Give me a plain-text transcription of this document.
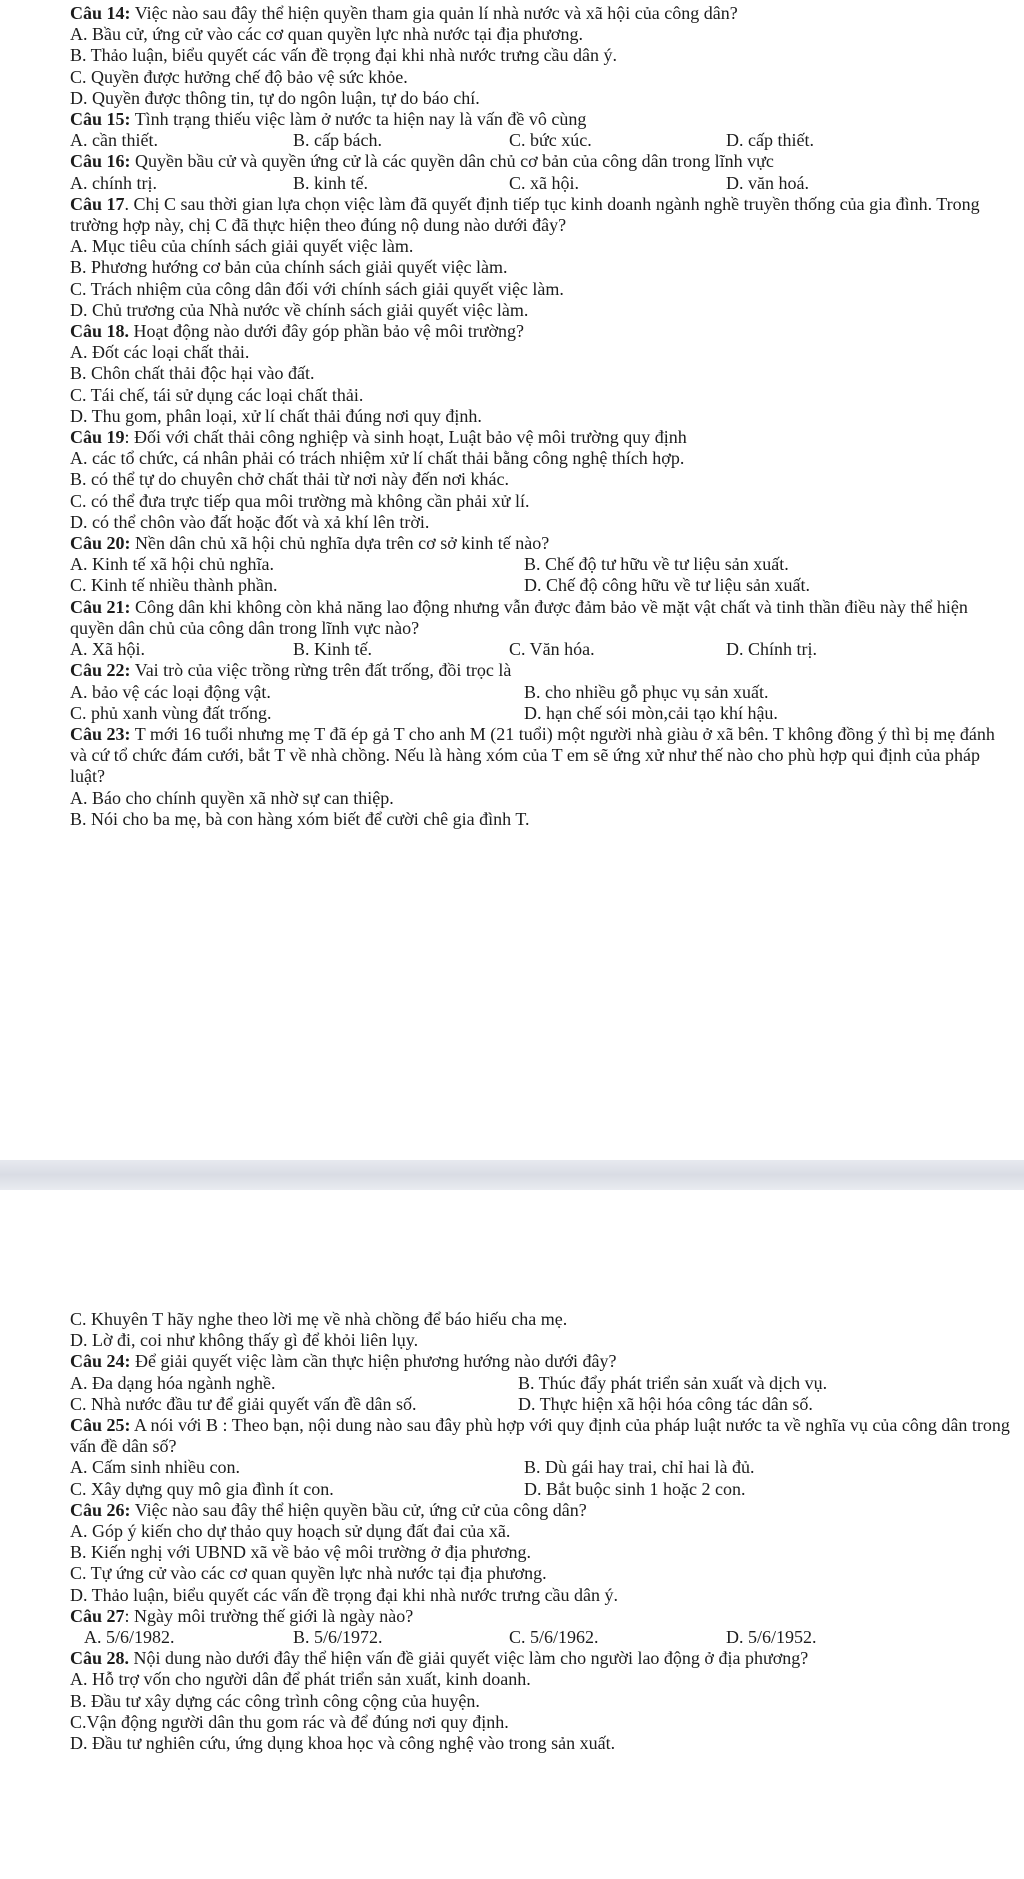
Câu 14: Việc nào sau đây thể hiện quyền tham gia quản lí nhà nước và xã hội của công dân?

A. Bầu cử, ứng cử vào các cơ quan quyền lực nhà nước tại địa phương.

B. Thảo luận, biểu quyết các vấn đề trọng đại khi nhà nước trưng cầu dân ý.

C. Quyền được hưởng chế độ bảo vệ sức khỏe.

D. Quyền được thông tin, tự do ngôn luận, tự do báo chí.

Câu 15: Tình trạng thiếu việc làm ở nước ta hiện nay là vấn đề vô cùng

A. cần thiết.	B. cấp bách.	C. bức xúc.	D. cấp thiết.

Câu 16: Quyền bầu cử và quyền ứng cử là các quyền dân chủ cơ bản của công dân trong lĩnh vực

A. chính trị.	B. kinh tế.	C. xã hội.	D. văn hoá.

Câu 17. Chị C sau thời gian lựa chọn việc làm đã quyết định tiếp tục kinh doanh ngành nghề truyền thống của gia đình. Trong trường hợp này, chị C đã thực hiện theo đúng nộ dung nào dưới đây?

A. Mục tiêu của chính sách giải quyết việc làm.

B. Phương hướng cơ bản của chính sách giải quyết việc làm.

C. Trách nhiệm của công dân đối với chính sách giải quyết việc làm.

D. Chủ trương của Nhà nước về chính sách giải quyết việc làm.

Câu 18. Hoạt động nào dưới đây góp phần bảo vệ môi trường?

A. Đốt các loại chất thải.

B. Chôn chất thải độc hại vào đất.

C. Tái chế, tái sử dụng các loại chất thải.

D. Thu gom, phân loại, xử lí chất thải đúng nơi quy định.

Câu 19: Đối với chất thải công nghiệp và sinh hoạt, Luật bảo vệ môi trường quy định

A. các tổ chức, cá nhân phải có trách nhiệm xử lí chất thải bằng công nghệ thích hợp.

B. có thể tự do chuyên chở chất thải từ nơi này đến nơi khác.

C. có thể đưa trực tiếp qua môi trường mà không cần phải xử lí.

D. có thể chôn vào đất hoặc đốt và xả khí lên trời.

Câu 20: Nền dân chủ xã hội chủ nghĩa dựa trên cơ sở kinh tế nào?

A. Kinh tế xã hội chủ nghĩa.	B. Chế độ tư hữu về tư liệu sản xuất.

C. Kinh tế nhiều thành phần.	D. Chế độ công hữu về tư liệu sản xuất.

Câu 21: Công dân khi không còn khả năng lao động nhưng vẫn được đảm bảo về mặt vật chất và tinh thần điều này thể hiện quyền dân chủ của công dân trong lĩnh vực nào?

A. Xã hội.	B. Kinh tế.	C. Văn hóa.	D. Chính trị.

Câu 22: Vai trò của việc trồng rừng trên đất trống, đồi trọc là

A. bảo vệ các loại động vật.	B. cho nhiều gỗ phục vụ sản xuất.

C. phủ xanh vùng đất trống.	D. hạn chế sói mòn,cải tạo khí hậu.

Câu 23: T mới 16 tuổi nhưng mẹ T đã ép gả T cho anh M (21 tuổi) một người nhà giàu ở xã bên. T không đồng ý thì bị mẹ đánh và cứ tổ chức đám cưới, bắt T về nhà chồng. Nếu là hàng xóm của T em sẽ ứng xử như thế nào cho phù hợp qui định của pháp luật?

A. Báo cho chính quyền xã nhờ sự can thiệp.

B. Nói cho ba mẹ, bà con hàng xóm biết để cười chê gia đình T.

C. Khuyên T hãy nghe theo lời mẹ về nhà chồng để báo hiếu cha mẹ.

D. Lờ đi, coi như không thấy gì để khỏi liên lụy.

Câu 24: Để giải quyết việc làm cần thực hiện phương hướng nào dưới đây?

A. Đa dạng hóa ngành nghề.	B. Thúc đẩy phát triển sản xuất và dịch vụ.

C. Nhà nước đầu tư để giải quyết vấn đề dân số.	D. Thực hiện xã hội hóa công tác dân số.

Câu 25: A nói với B : Theo bạn, nội dung nào sau đây phù hợp với quy định của pháp luật nước ta về nghĩa vụ của công dân trong vấn đề dân số?

A. Cấm sinh nhiều con.	B. Dù gái hay trai, chỉ hai là đủ.

C. Xây dựng quy mô gia đình ít con.	D. Bắt buộc sinh 1 hoặc 2 con.

Câu 26: Việc nào sau đây thể hiện quyền bầu cử, ứng cử của công dân?

A. Góp ý kiến cho dự thảo quy hoạch sử dụng đất đai của xã.

B. Kiến nghị với UBND xã về bảo vệ môi trường ở địa phương.

C. Tự ứng cử vào các cơ quan quyền lực nhà nước tại địa phương.

D. Thảo luận, biểu quyết các vấn đề trọng đại khi nhà nước trưng cầu dân ý.

Câu 27: Ngày môi trường thế giới là ngày nào?

A. 5/6/1982.	B. 5/6/1972.	C. 5/6/1962.	D. 5/6/1952.

Câu 28. Nội dung nào dưới đây thể hiện vấn đề giải quyết việc làm cho người lao động ở địa phương?

A. Hỗ trợ vốn cho người dân để phát triển sản xuất, kinh doanh.

B. Đầu tư xây dựng các công trình công cộng của huyện.

C.Vận động người dân thu gom rác và để đúng nơi quy định.

D. Đầu tư nghiên cứu, ứng dụng khoa học và công nghệ vào trong sản xuất.
